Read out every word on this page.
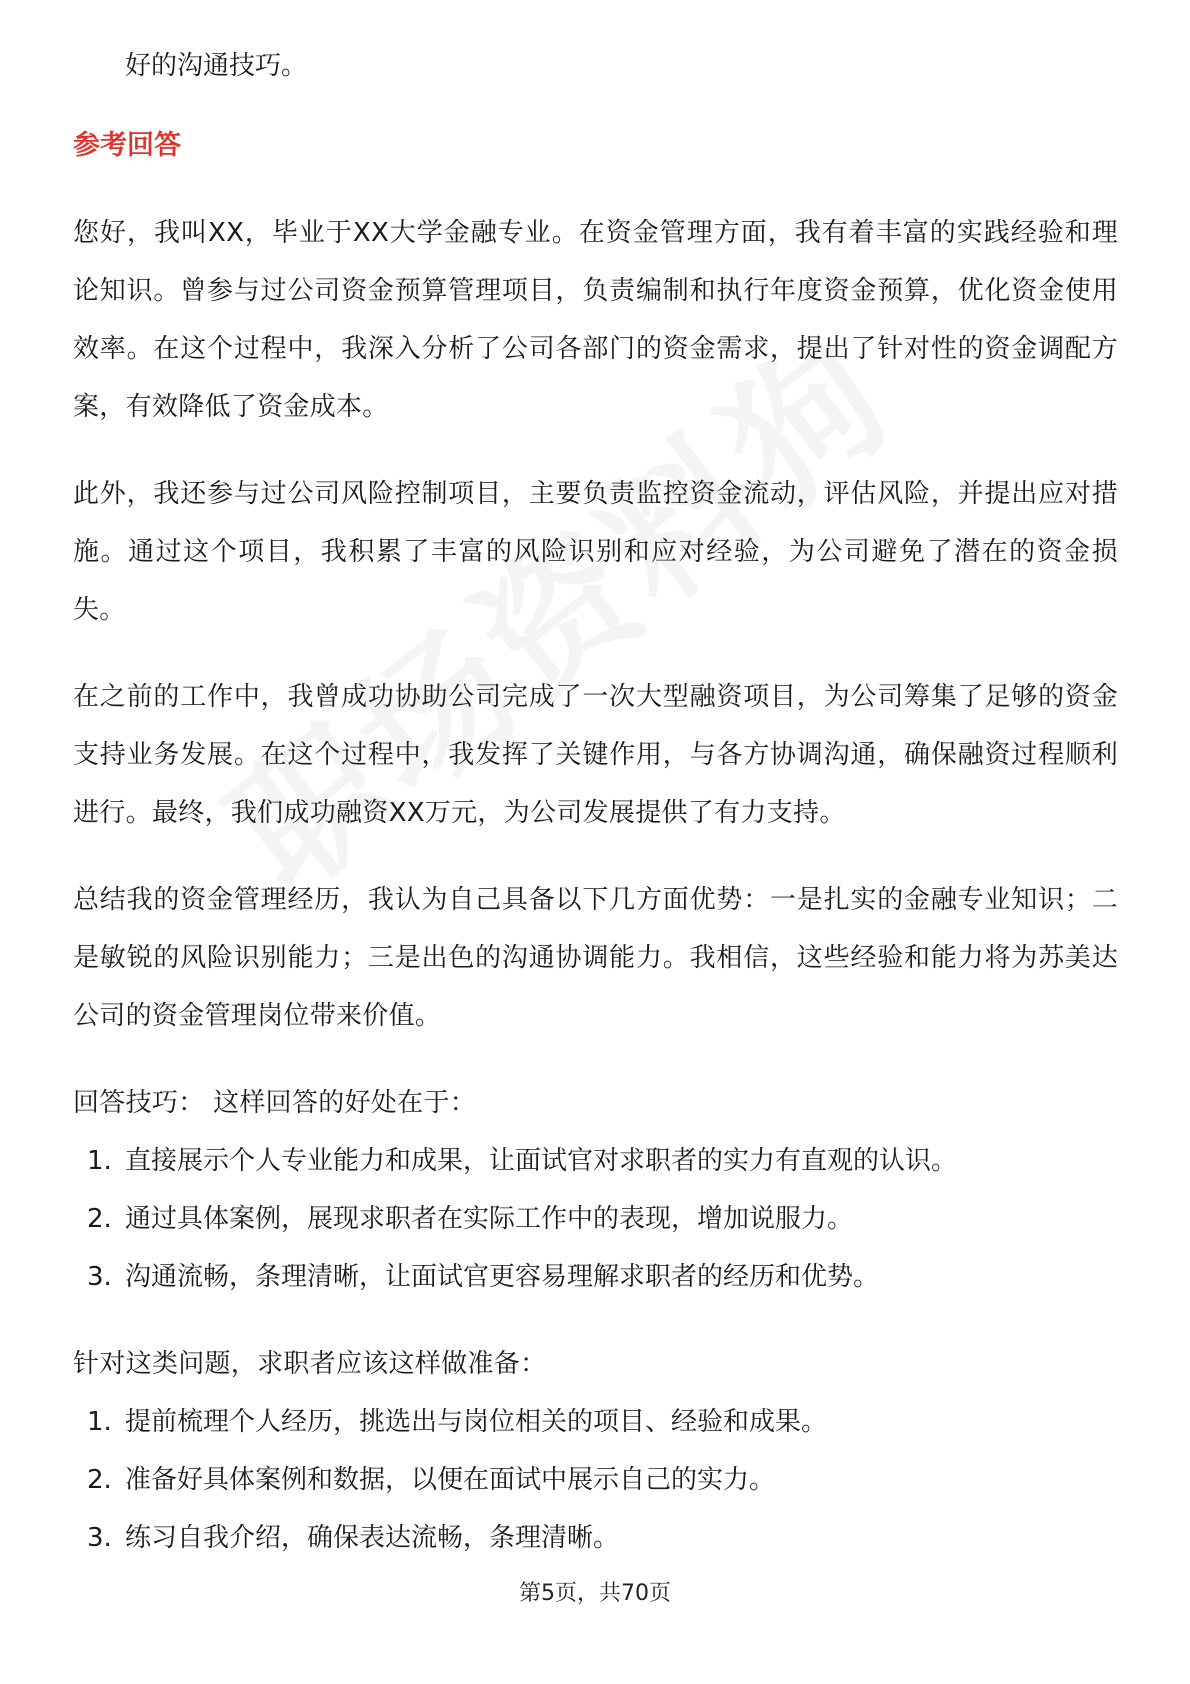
好的沟通技巧。

参考回答

您好，我叫XX，毕业于XX大学金融专业。在资金管理方面，我有着丰富的实践经验和理论知识。曾参与过公司资金预算管理项目，负责编制和执行年度资金预算，优化资金使用效率。在这个过程中，我深入分析了公司各部门的资金需求，提出了针对性的资金调配方案，有效降低了资金成本。

此外，我还参与过公司风险控制项目，主要负责监控资金流动，评估风险，并提出应对措施。通过这个项目，我积累了丰富的风险识别和应对经验，为公司避免了潜在的资金损失。

在之前的工作中，我曾成功协助公司完成了一次大型融资项目，为公司筹集了足够的资金支持业务发展。在这个过程中，我发挥了关键作用，与各方协调沟通，确保融资过程顺利进行。最终，我们成功融资XX万元，为公司发展提供了有力支持。

总结我的资金管理经历，我认为自己具备以下几方面优势：一是扎实的金融专业知识；二是敏锐的风险识别能力；三是出色的沟通协调能力。我相信，这些经验和能力将为苏美达公司的资金管理岗位带来价值。

回答技巧： 这样回答的好处在于：

1. 直接展示个人专业能力和成果，让面试官对求职者的实力有直观的认识。
2. 通过具体案例，展现求职者在实际工作中的表现，增加说服力。
3. 沟通流畅，条理清晰，让面试官更容易理解求职者的经历和优势。

针对这类问题，求职者应该这样做准备：

1. 提前梳理个人经历，挑选出与岗位相关的项目、经验和成果。
2. 准备好具体案例和数据，以便在面试中展示自己的实力。
3. 练习自我介绍，确保表达流畅，条理清晰。
第5页，共70页
